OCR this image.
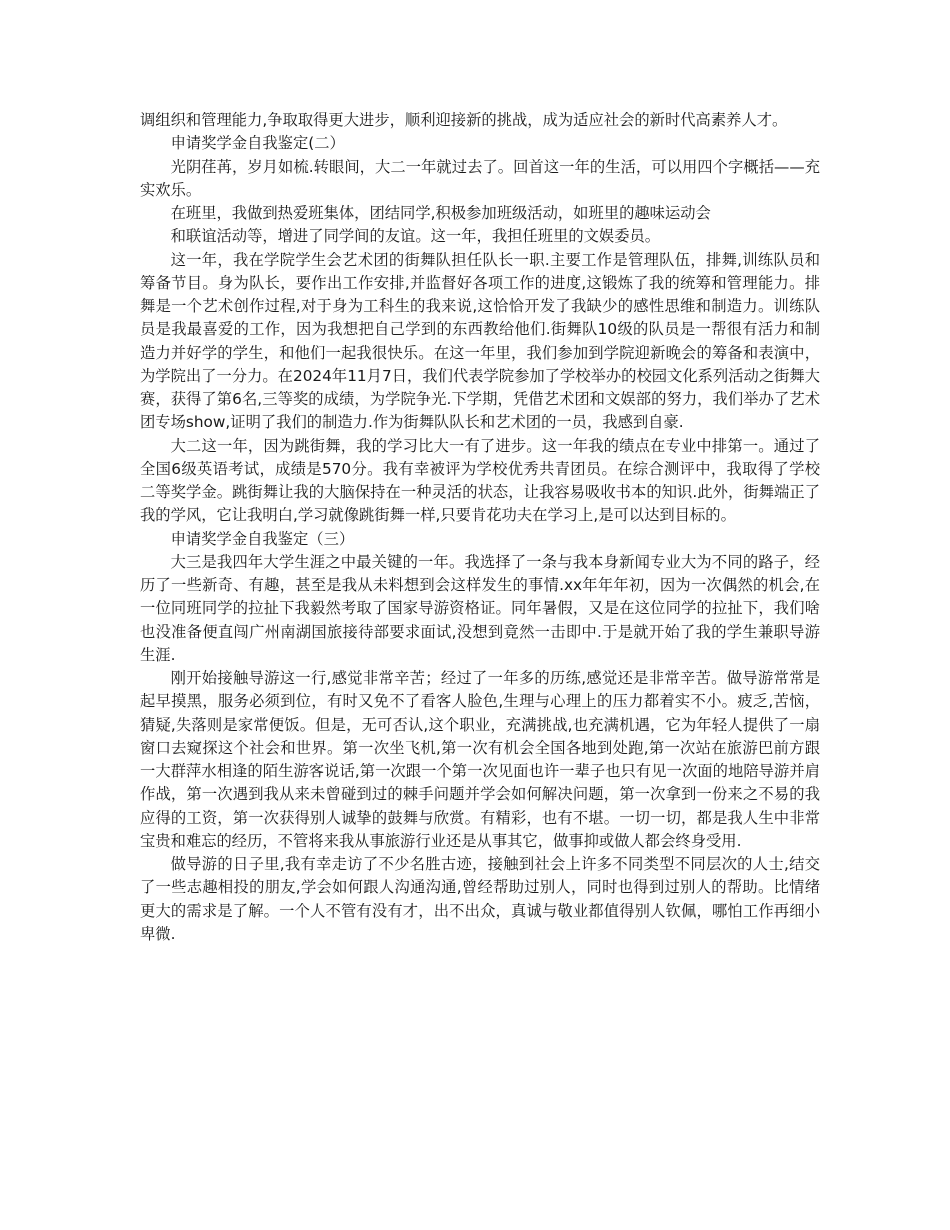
调组织和管理能力,争取取得更大进步，顺利迎接新的挑战，成为适应社会的新时代高素养人才。

申请奖学金自我鉴定(二）

光阴荏苒，岁月如梳.转眼间，大二一年就过去了。回首这一年的生活，可以用四个字概括——充实欢乐。

在班里，我做到热爱班集体，团结同学,积极参加班级活动，如班里的趣味运动会

和联谊活动等，增进了同学间的友谊。这一年，我担任班里的文娱委员。

这一年，我在学院学生会艺术团的街舞队担任队长一职.主要工作是管理队伍，排舞,训练队员和筹备节目。身为队长，要作出工作安排,并监督好各项工作的进度,这锻炼了我的统筹和管理能力。排舞是一个艺术创作过程,对于身为工科生的我来说,这恰恰开发了我缺少的感性思维和制造力。训练队员是我最喜爱的工作，因为我想把自己学到的东西教给他们.街舞队10级的队员是一帮很有活力和制造力并好学的学生，和他们一起我很快乐。在这一年里，我们参加到学院迎新晚会的筹备和表演中，为学院出了一分力。在2024年11月7日，我们代表学院参加了学校举办的校园文化系列活动之街舞大赛，获得了第6名,三等奖的成绩，为学院争光.下学期，凭借艺术团和文娱部的努力，我们举办了艺术团专场show,证明了我们的制造力.作为街舞队队长和艺术团的一员，我感到自豪.

大二这一年，因为跳街舞，我的学习比大一有了进步。这一年我的绩点在专业中排第一。通过了全国6级英语考试，成绩是570分。我有幸被评为学校优秀共青团员。在综合测评中，我取得了学校二等奖学金。跳街舞让我的大脑保持在一种灵活的状态，让我容易吸收书本的知识.此外，街舞端正了我的学风，它让我明白,学习就像跳街舞一样,只要肯花功夫在学习上,是可以达到目标的。

申请奖学金自我鉴定（三）

大三是我四年大学生涯之中最关键的一年。我选择了一条与我本身新闻专业大为不同的路子，经历了一些新奇、有趣，甚至是我从未料想到会这样发生的事情.xx年年年初，因为一次偶然的机会,在一位同班同学的拉扯下我毅然考取了国家导游资格证。同年暑假，又是在这位同学的拉扯下，我们啥也没准备便直闯广州南湖国旅接待部要求面试,没想到竟然一击即中.于是就开始了我的学生兼职导游生涯.

刚开始接触导游这一行,感觉非常辛苦；经过了一年多的历练,感觉还是非常辛苦。做导游常常是起早摸黑，服务必须到位，有时又免不了看客人脸色,生理与心理上的压力都着实不小。疲乏,苦恼，猜疑,失落则是家常便饭。但是，无可否认,这个职业，充满挑战,也充满机遇，它为年轻人提供了一扇窗口去窥探这个社会和世界。第一次坐飞机,第一次有机会全国各地到处跑,第一次站在旅游巴前方跟一大群萍水相逢的陌生游客说话,第一次跟一个第一次见面也许一辈子也只有见一次面的地陪导游并肩作战，第一次遇到我从来未曾碰到过的棘手问题并学会如何解决问题，第一次拿到一份来之不易的我应得的工资，第一次获得别人诚挚的鼓舞与欣赏。有精彩，也有不堪。一切一切，都是我人生中非常宝贵和难忘的经历，不管将来我从事旅游行业还是从事其它，做事抑或做人都会终身受用.

做导游的日子里,我有幸走访了不少名胜古迹，接触到社会上许多不同类型不同层次的人士,结交了一些志趣相投的朋友,学会如何跟人沟通沟通,曾经帮助过别人，同时也得到过别人的帮助。比情绪更大的需求是了解。一个人不管有没有才，出不出众，真诚与敬业都值得别人钦佩，哪怕工作再细小卑微.
